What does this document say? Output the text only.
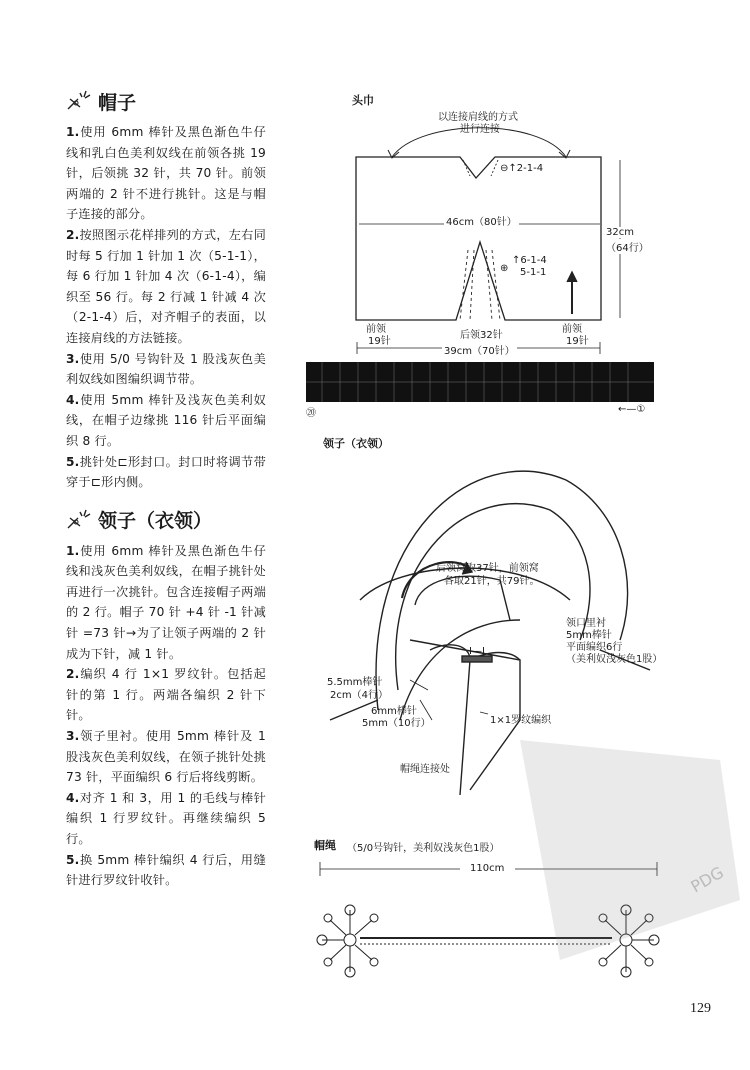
帽子

1.使用 6mm 棒针及黑色渐色牛仔线和乳白色美利奴线在前领各挑 19 针，后领挑 32 针，共 70 针。前领两端的 2 针不进行挑针。这是与帽子连接的部分。

2.按照图示花样排列的方式，左右同时每 5 行加 1 针加 1 次（5-1-1），每 6 行加 1 针加 4 次（6-1-4），编织至 56 行。每 2 行减 1 针减 4 次（2-1-4）后，对齐帽子的表面，以连接肩线的方法链接。

3.使用 5/0 号钩针及 1 股浅灰色美利奴线如图编织调节带。

4.使用 5mm 棒针及浅灰色美利奴线，在帽子边缘挑 116 针后平面编织 8 行。

5.挑针处⊏形封口。封口时将调节带穿于⊏形内侧。

领子（衣领）

1.使用 6mm 棒针及黑色渐色牛仔线和浅灰色美利奴线，在帽子挑针处再进行一次挑针。包含连接帽子两端的 2 行。帽子 70 针 +4 针 -1 针减针 =73 针→为了让领子两端的 2 针成为下针，减 1 针。

2.编织 4 行 1×1 罗纹针。包括起针的第 1 行。两端各编织 2 针下针。

3.领子里衬。使用 5mm 棒针及 1 股浅灰色美利奴线，在领子挑针处挑 73 针，平面编织 6 行后将线剪断。

4.对齐 1 和 3，用 1 的毛线与棒针编织 1 行罗纹针。再继续编织 5 行。

5.换 5mm 棒针编织 4 行后，用缝针进行罗纹针收针。

头巾
以连接肩线的方式
进行连接
⊖↑2-1-4
46cm（80针）
32cm
（64行）
↑6-1-4
5-1-1
⊕
前领
19针
后领32针
前领
19针
39cm（70针）
⑳	←—①
领子（衣领）
后领窝取37针，前领窝
各取21针，共79针。
领口里衬
5mm棒针
平面编织6行
（美利奴浅灰色1股）
Ⅰ—Ⅰ
5.5mm棒针
2cm（4行）
6mm棒针
5mm（10行）	1×1罗纹编织
帽绳连接处
帽绳 （5/0号钩针，美利奴浅灰色1股）
110cm	PDG
129
